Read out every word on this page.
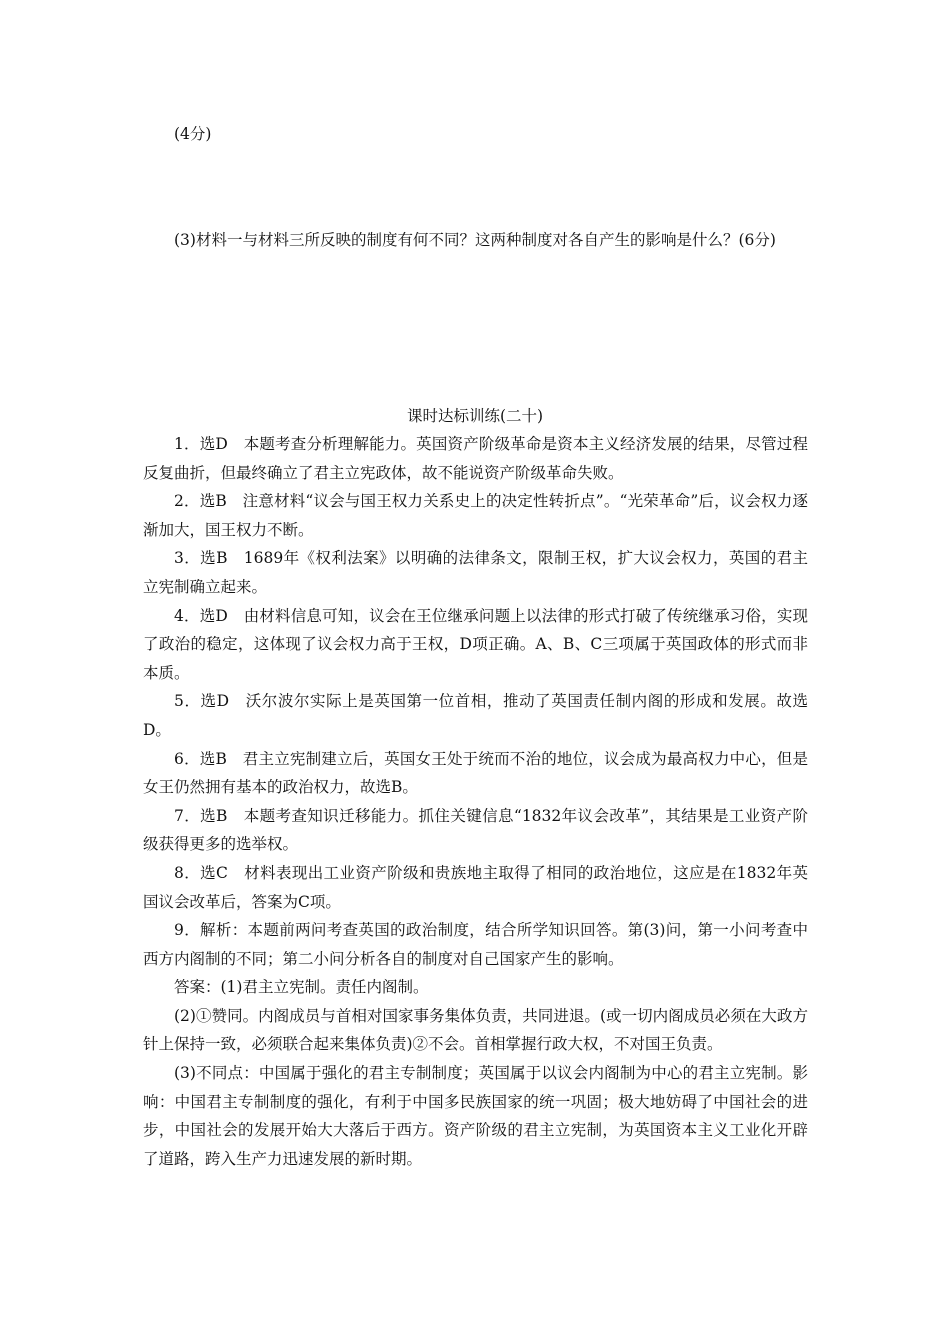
(4分)
(3)材料一与材料三所反映的制度有何不同？这两种制度对各自产生的影响是什么？(6分)
课时达标训练(二十)

1．选D　本题考查分析理解能力。英国资产阶级革命是资本主义经济发展的结果，尽管过程反复曲折，但最终确立了君主立宪政体，故不能说资产阶级革命失败。

2．选B　注意材料“议会与国王权力关系史上的决定性转折点”。“光荣革命”后，议会权力逐渐加大，国王权力不断。

3．选B　1689年《权利法案》以明确的法律条文，限制王权，扩大议会权力，英国的君主立宪制确立起来。

4．选D　由材料信息可知，议会在王位继承问题上以法律的形式打破了传统继承习俗，实现了政治的稳定，这体现了议会权力高于王权，D项正确。A、B、C三项属于英国政体的形式而非本质。

5．选D　沃尔波尔实际上是英国第一位首相，推动了英国责任制内阁的形成和发展。故选D。

6．选B　君主立宪制建立后，英国女王处于统而不治的地位，议会成为最高权力中心，但是女王仍然拥有基本的政治权力，故选B。

7．选B　本题考查知识迁移能力。抓住关键信息“1832年议会改革”，其结果是工业资产阶级获得更多的选举权。

8．选C　材料表现出工业资产阶级和贵族地主取得了相同的政治地位，这应是在1832年英国议会改革后，答案为C项。

9．解析：本题前两问考查英国的政治制度，结合所学知识回答。第(3)问，第一小问考查中西方内阁制的不同；第二小问分析各自的制度对自己国家产生的影响。

答案：(1)君主立宪制。责任内阁制。

(2)①赞同。内阁成员与首相对国家事务集体负责，共同进退。(或一切内阁成员必须在大政方针上保持一致，必须联合起来集体负责)②不会。首相掌握行政大权，不对国王负责。

(3)不同点：中国属于强化的君主专制制度；英国属于以议会内阁制为中心的君主立宪制。影响：中国君主专制制度的强化，有利于中国多民族国家的统一巩固；极大地妨碍了中国社会的进步，中国社会的发展开始大大落后于西方。资产阶级的君主立宪制，为英国资本主义工业化开辟了道路，跨入生产力迅速发展的新时期。
